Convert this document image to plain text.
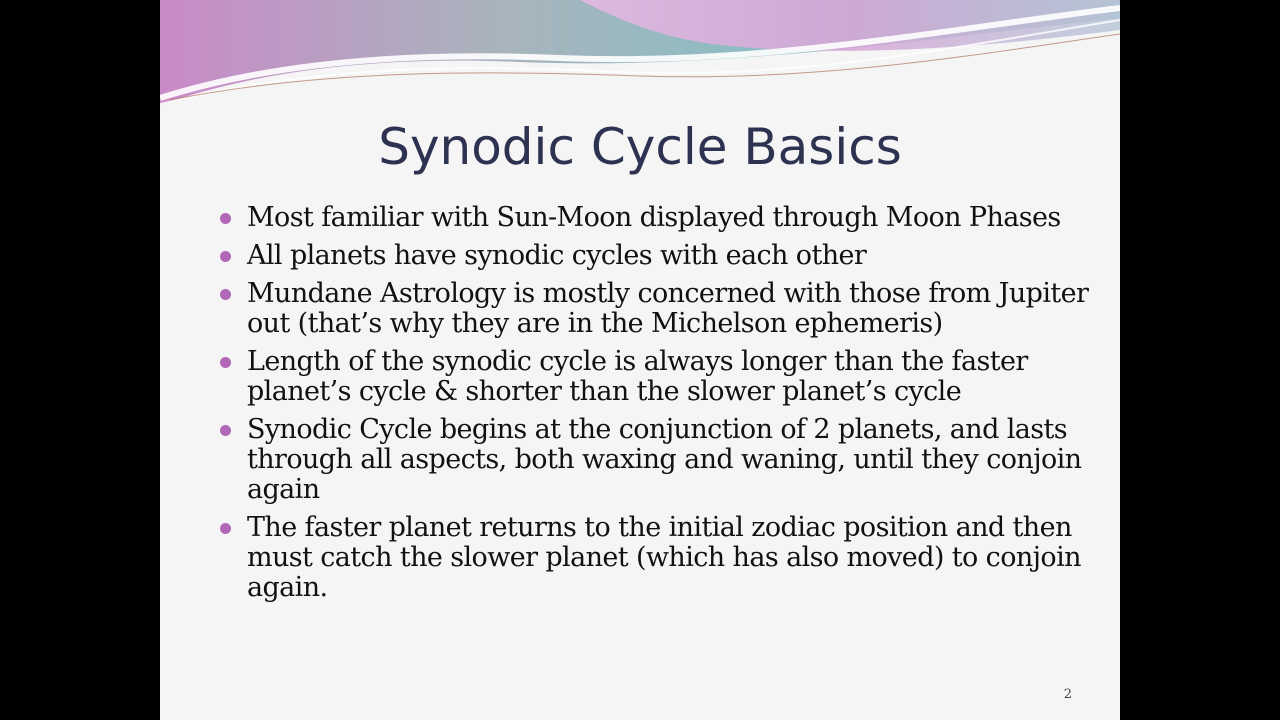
Synodic Cycle Basics
Most familiar with Sun-Moon displayed through Moon Phases
All planets have synodic cycles with each other
Mundane Astrology is mostly concerned with those from Jupiter out (that’s why they are in the Michelson ephemeris)
Length of the synodic cycle is always longer than the faster planet’s cycle & shorter than the slower planet’s cycle
Synodic Cycle begins at the conjunction of 2 planets, and lasts through all aspects, both waxing and waning, until they conjoin again
The faster planet returns to the initial zodiac position and then must catch the slower planet (which has also moved) to conjoin again.
2
